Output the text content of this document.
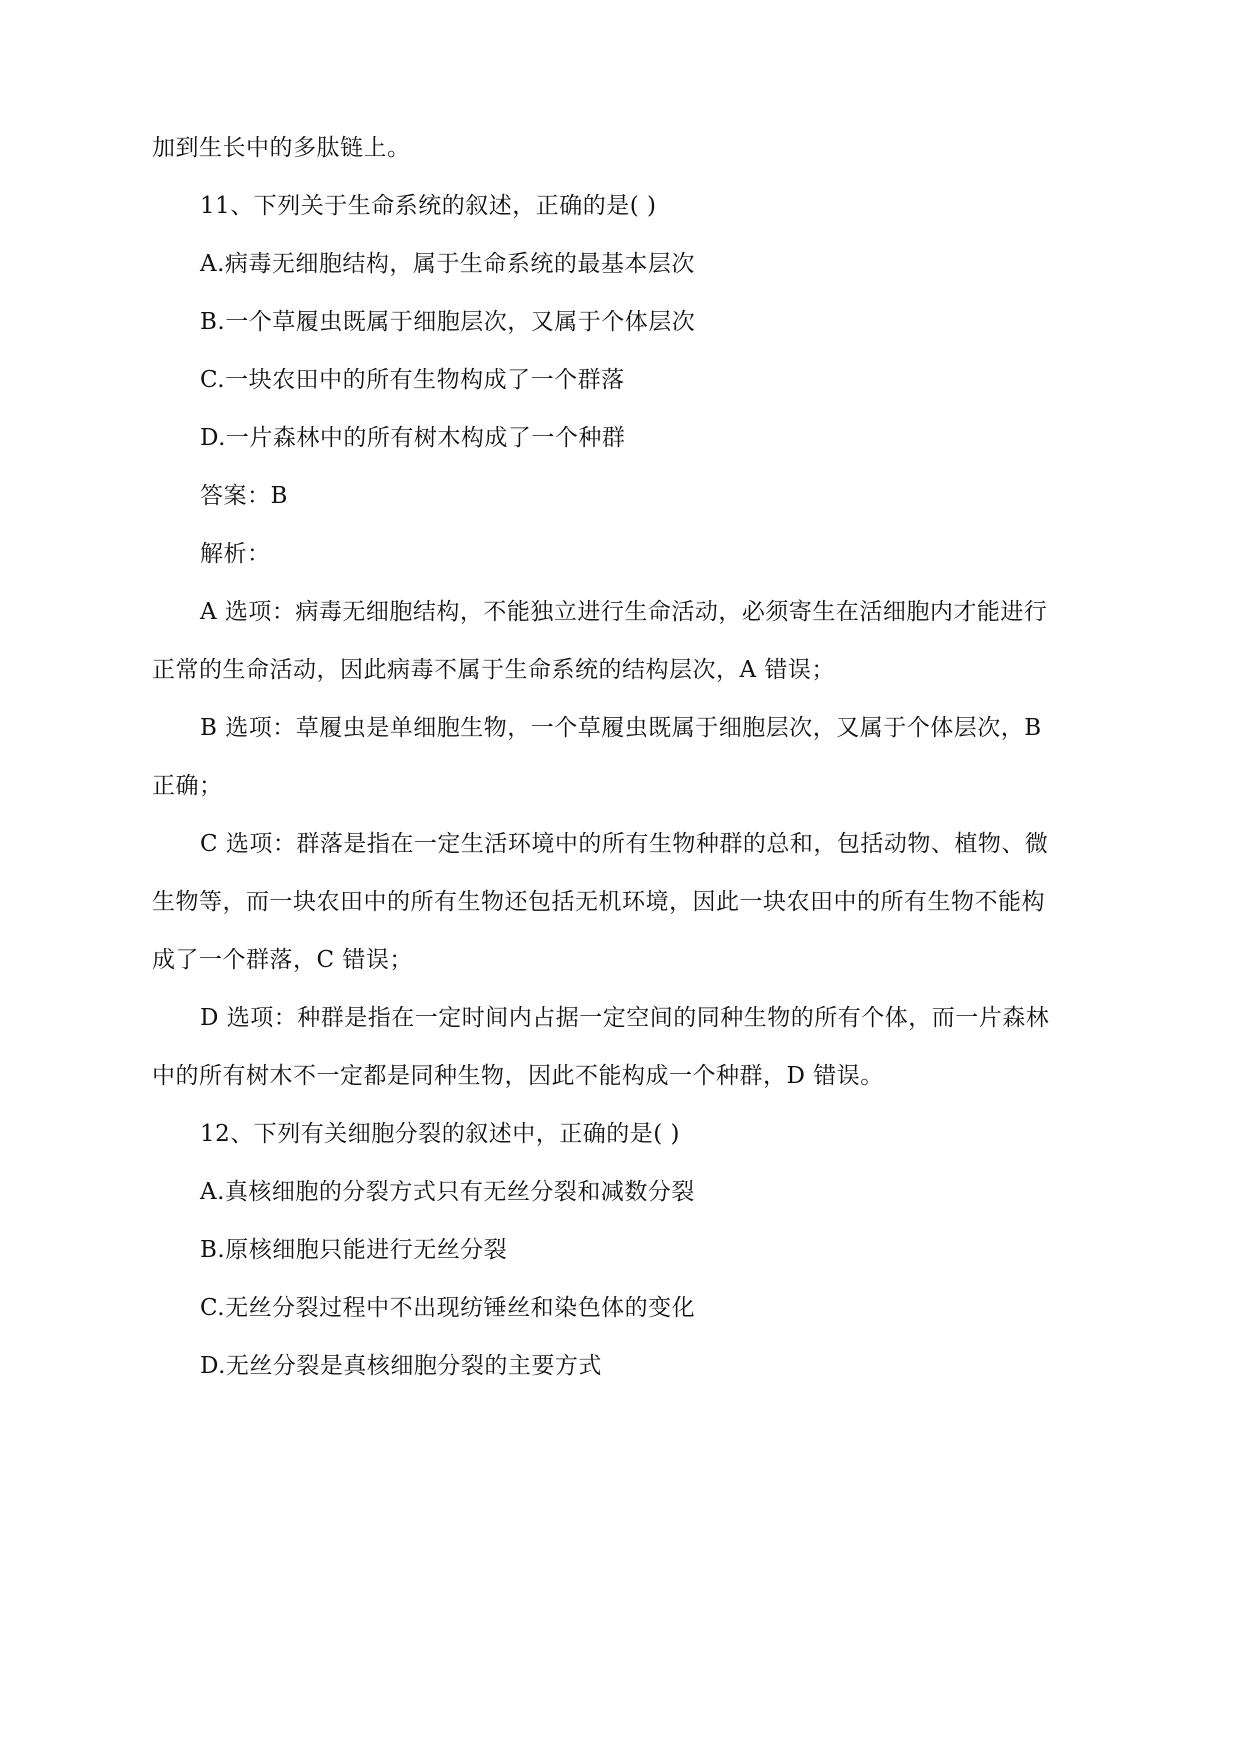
加到生长中的多肽链上。
11、下列关于生命系统的叙述，正确的是( )
A.病毒无细胞结构，属于生命系统的最基本层次
B.一个草履虫既属于细胞层次，又属于个体层次
C.一块农田中的所有生物构成了一个群落
D.一片森林中的所有树木构成了一个种群
答案：B
解析：
A 选项：病毒无细胞结构，不能独立进行生命活动，必须寄生在活细胞内才能进行
正常的生命活动，因此病毒不属于生命系统的结构层次，A 错误；
B 选项：草履虫是单细胞生物，一个草履虫既属于细胞层次，又属于个体层次，B
正确；
C 选项：群落是指在一定生活环境中的所有生物种群的总和，包括动物、植物、微
生物等，而一块农田中的所有生物还包括无机环境，因此一块农田中的所有生物不能构
成了一个群落，C 错误；
D 选项：种群是指在一定时间内占据一定空间的同种生物的所有个体，而一片森林
中的所有树木不一定都是同种生物，因此不能构成一个种群，D 错误。
12、下列有关细胞分裂的叙述中，正确的是( )
A.真核细胞的分裂方式只有无丝分裂和减数分裂
B.原核细胞只能进行无丝分裂
C.无丝分裂过程中不出现纺锤丝和染色体的变化
D.无丝分裂是真核细胞分裂的主要方式
